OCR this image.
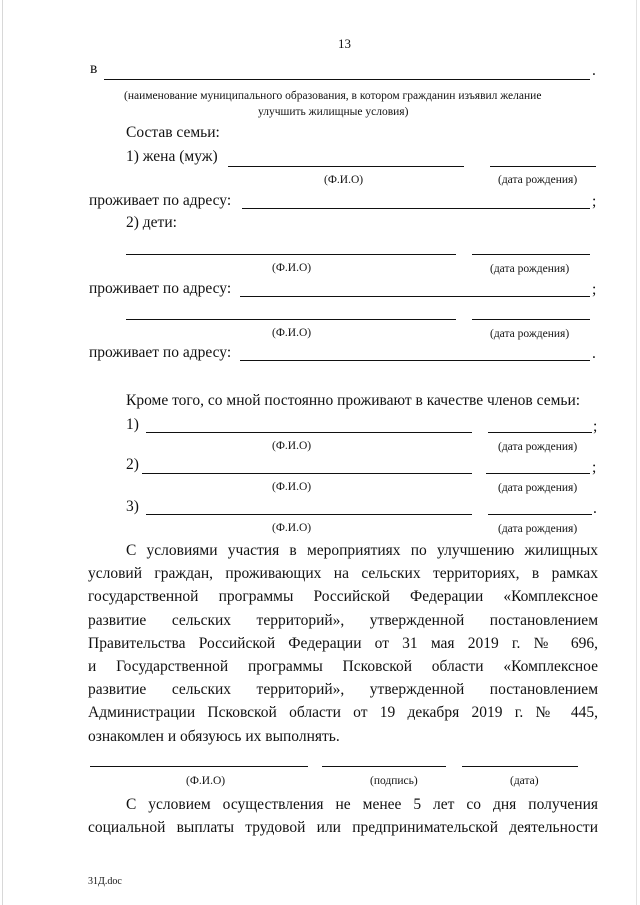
13
в	.
(наименование муниципального образования, в котором гражданин изъявил желание
улучшить жилищные условия)
Состав семьи:
1) жена (муж)
(Ф.И.О)	(дата рождения)
проживает по адресу:	;
2) дети:
(Ф.И.О)	(дата рождения)
проживает по адресу:	;
(Ф.И.О)	(дата рождения)
проживает по адресу:	.
Кроме того, со мной постоянно проживают в качестве членов семьи:
1)	;
(Ф.И.О)	(дата рождения)
2)	;
(Ф.И.О)	(дата рождения)
3)	.
(Ф.И.О)	(дата рождения)
С условиями участия в мероприятиях по улучшению жилищных
условий граждан, проживающих на сельских территориях, в рамках
государственной программы Российской Федерации «Комплексное
развитие сельских территорий», утвержденной постановлением
Правительства Российской Федерации от 31 мая 2019 г. № 696,
и Государственной программы Псковской области «Комплексное
развитие сельских территорий», утвержденной постановлением
Администрации Псковской области от 19 декабря 2019 г. № 445,
ознакомлен и обязуюсь их выполнять.
(Ф.И.О)	(подпись)	(дата)
С условием осуществления не менее 5 лет со дня получения
социальной выплаты трудовой или предпринимательской деятельности
31Д.doc
